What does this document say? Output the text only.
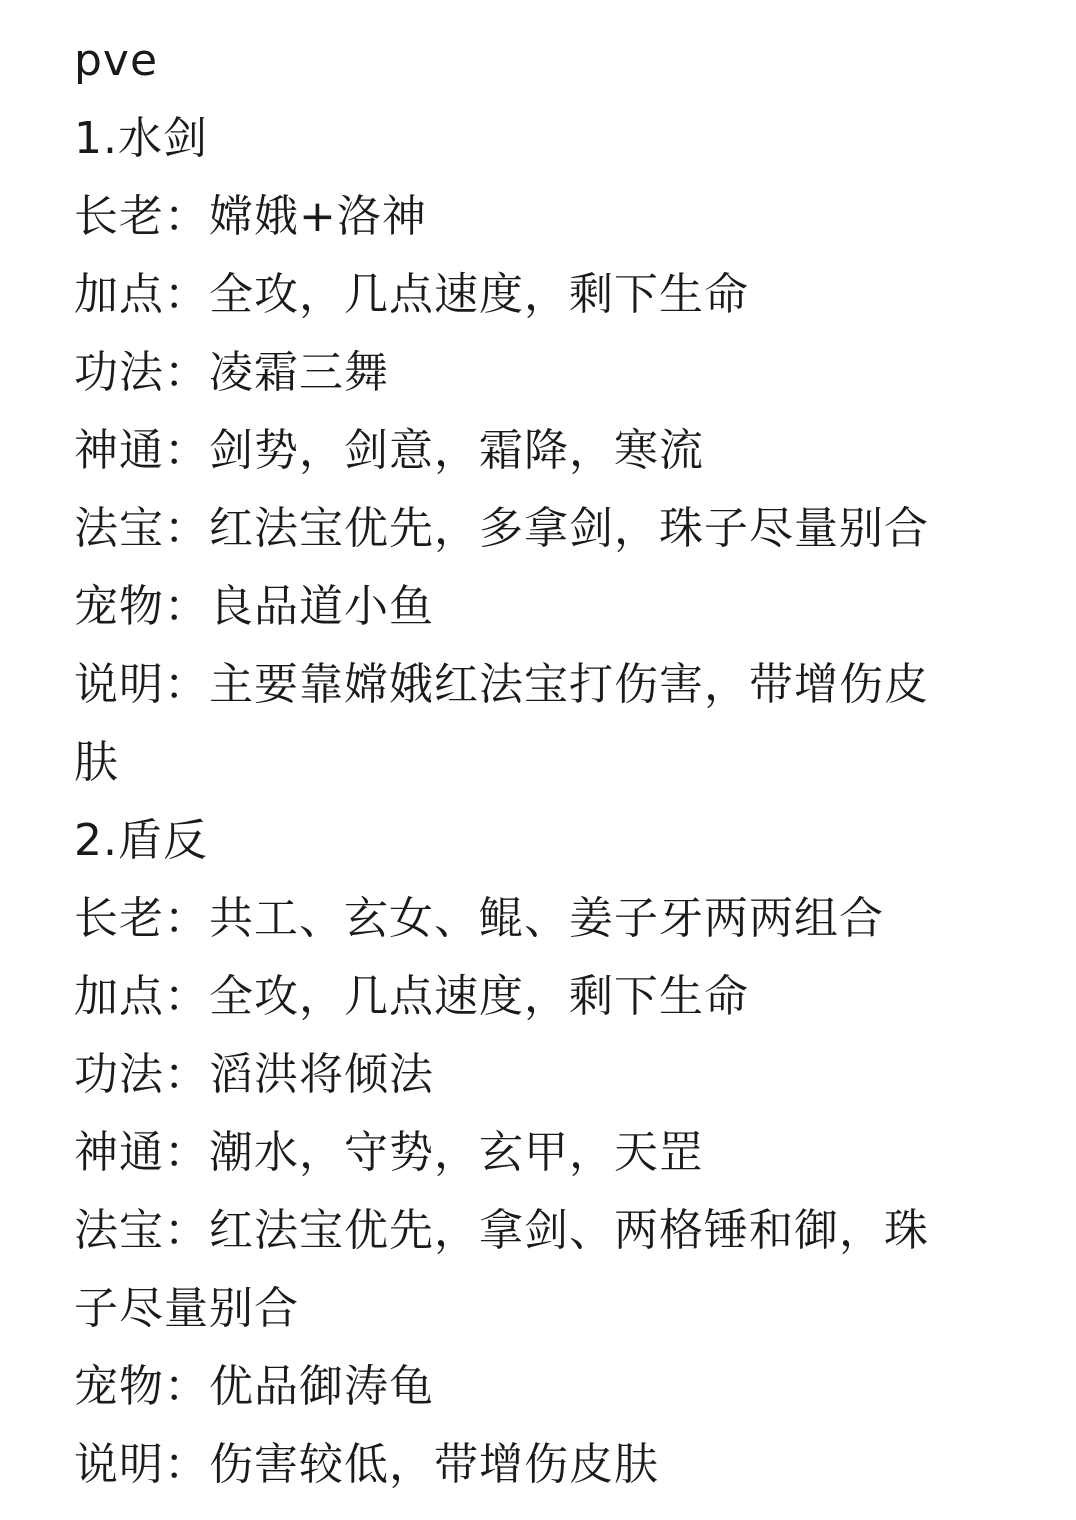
pve
1.水剑
长老：嫦娥+洛神
加点：全攻，几点速度，剩下生命
功法：凌霜三舞
神通：剑势，剑意，霜降，寒流
法宝：红法宝优先，多拿剑，珠子尽量别合
宠物：良品道小鱼
说明：主要靠嫦娥红法宝打伤害，带增伤皮
肤
2.盾反
长老：共工、玄女、鲲、姜子牙两两组合
加点：全攻，几点速度，剩下生命
功法：滔洪将倾法
神通：潮水，守势，玄甲，天罡
法宝：红法宝优先，拿剑、两格锤和御，珠
子尽量别合
宠物：优品御涛龟
说明：伤害较低，带增伤皮肤
